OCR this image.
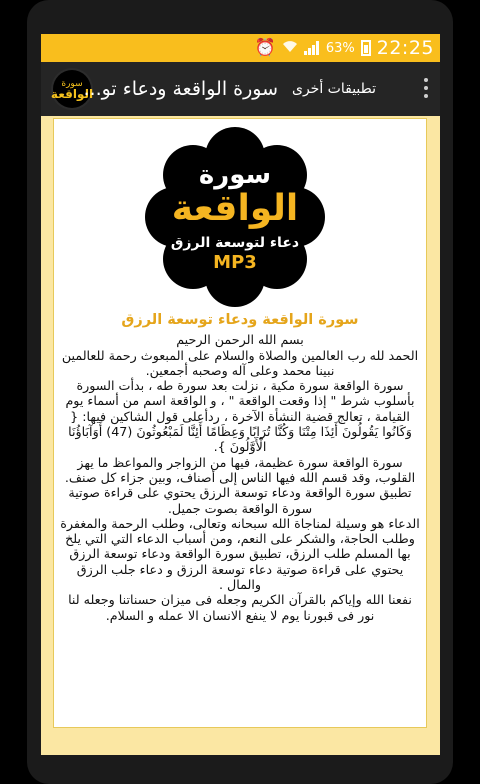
⏰	63% 22:25
سورة
الواقعة
سورة الواقعة ودعاء تو... تطبيقات أخرى
سورة
الواقعة
دعاء لتوسعة الرزق
MP3
سورة الواقعة ودعاء توسعة الرزق

بسم الله الرحمن الرحيم

الحمد لله رب العالمين والصلاة والسلام على المبعوث رحمة للعالمين نبينا محمد وعلى آله وصحبه أجمعين.

سورة الواقعة سورة مكية ، نزلت بعد سورة طه ، بدأت السورة بأسلوب شرط " إذا وقعت الواقعة " ، و الواقعة اسم من أسماء يوم القيامة ، تعالج قضية النشأة الآخرة ، ردأعلى قول الشاكين فيها: { وَكَانُوا يَقُولُونَ أَئِذَا مِتْنَا وَكُنَّا تُرَابًا وَعِظَامًا أَئِنَّا لَمَبْعُوثُونَ (47) أَوَآبَاؤُنَا الْأَوَّلُونَ }.

سورة الواقعة سورة عظيمة، فيها من الزواجر والمواعظ ما يهز القلوب، وقد قسم الله فيها الناس إلى أصناف، وبين جزاء كل صنف.

تطبيق سورة الواقعة ودعاء توسعة الرزق يحتوي على قراءة صوتية سورة الواقعة بصوت جميل.

الدعاء هو وسيلة لمناجاة الله سبحانه وتعالى، وطلب الرحمة والمغفرة وطلب الحاجة، والشكر على النعم، ومن أسباب الدعاء التي التي يلخ بها المسلم طلب الرزق، تطبيق سورة الواقعة ودعاء توسعة الرزق يحتوي على قراءة صوتية دعاء توسعة الرزق و دعاء جلب الرزق والمال .

نفعنا الله وإياكم بالقرآن الكريم وجعله فى ميزان حسناتنا وجعله لنا نور فى قبورنا يوم لا ينفع الانسان الا عمله و السلام.
